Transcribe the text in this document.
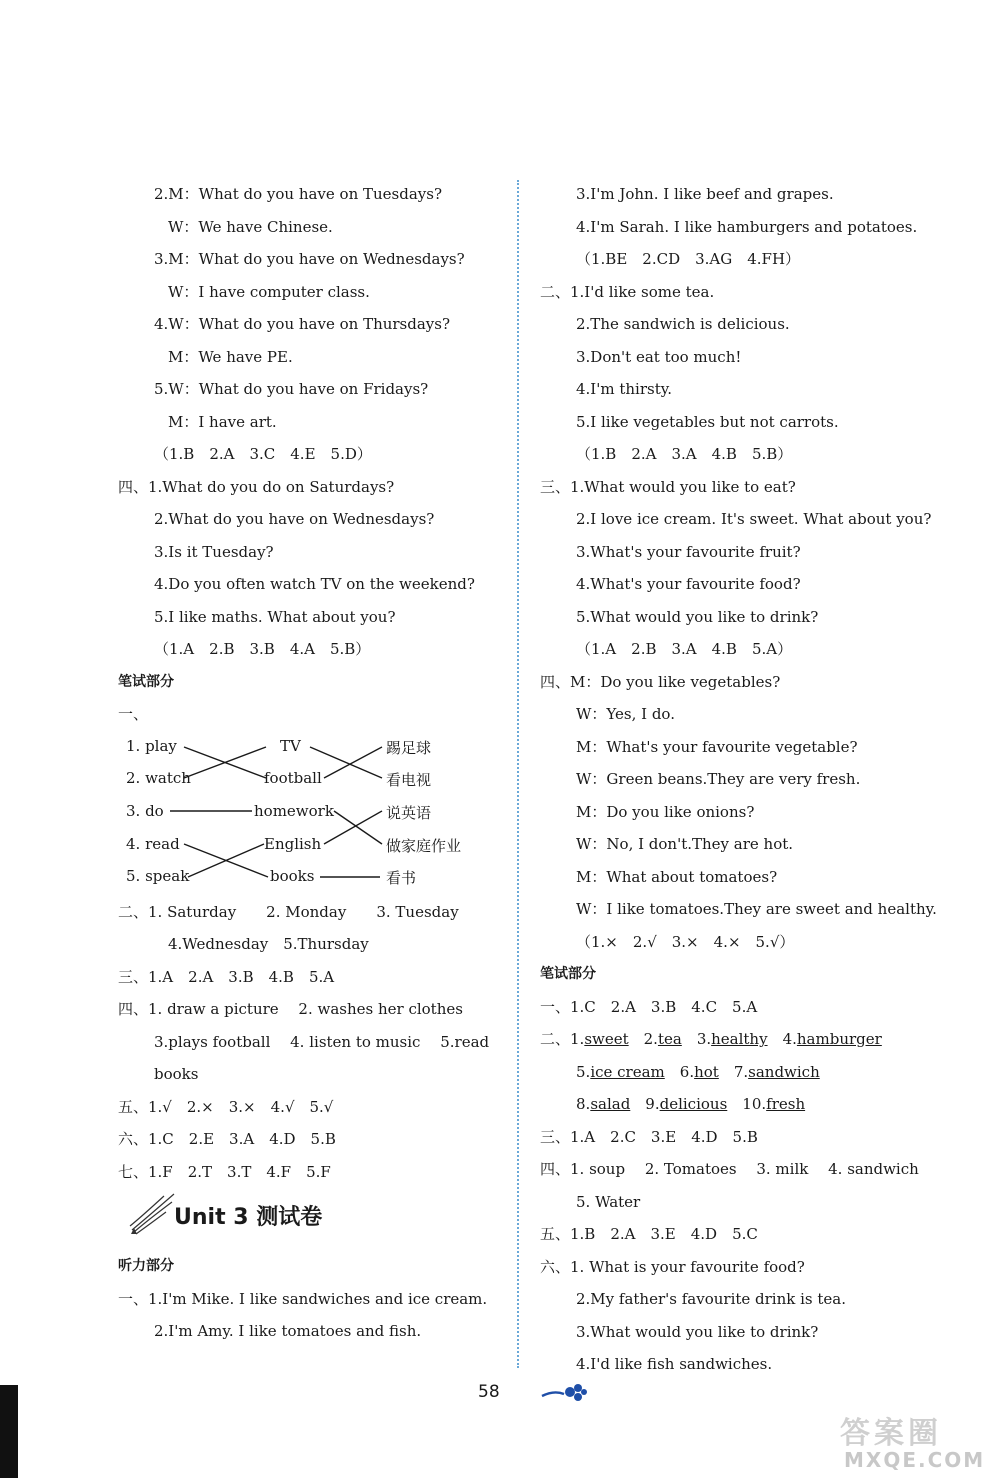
2.M：What do you have on Tuesdays?
W：We have Chinese.
3.M：What do you have on Wednesdays?
W：I have computer class.
4.W：What do you have on Thursdays?
M：We have PE.
5.W：What do you have on Fridays?
M：I have art.
（1.B　2.A　3.C　4.E　5.D）
四、1.What do you do on Saturdays?
2.What do you have on Wednesdays?
3.Is it Tuesday?
4.Do you often watch TV on the weekend?
5.I like maths. What about you?
（1.A　2.B　3.B　4.A　5.B）
笔试部分
一、
1. play
2. watch
3. do
4. read
5. speak
TV
football
homework
English
books
踢足球
看电视
说英语
做家庭作业
看书
二、1. Saturday　　2. Monday　　3. Tuesday
4.Wednesday　5.Thursday
三、1.A　2.A　3.B　4.B　5.A
四、1. draw a picture　 2. washes her clothes
3.plays football　 4. listen to music　 5.read
books
五、1.√　2.×　3.×　4.√　5.√
六、1.C　2.E　3.A　4.D　5.B
七、1.F　2.T　3.T　4.F　5.F
Unit 3 测试卷
听力部分
一、1.I'm Mike. I like sandwiches and ice cream.
2.I'm Amy. I like tomatoes and fish.
3.I'm John. I like beef and grapes.
4.I'm Sarah. I like hamburgers and potatoes.
（1.BE　2.CD　3.AG　4.FH）
二、1.I'd like some tea.
2.The sandwich is delicious.
3.Don't eat too much!
4.I'm thirsty.
5.I like vegetables but not carrots.
（1.B　2.A　3.A　4.B　5.B）
三、1.What would you like to eat?
2.I love ice cream. It's sweet. What about you?
3.What's your favourite fruit?
4.What's your favourite food?
5.What would you like to drink?
（1.A　2.B　3.A　4.B　5.A）
四、M：Do you like vegetables?
W：Yes, I do.
M：What's your favourite vegetable?
W：Green beans.They are very fresh.
M：Do you like onions?
W：No, I don't.They are hot.
M：What about tomatoes?
W：I like tomatoes.They are sweet and healthy.
（1.×　2.√　3.×　4.×　5.√）
笔试部分
一、1.C　2.A　3.B　4.C　5.A
二、1.sweet　2.tea　3.healthy　4.hamburger
5.ice cream　6.hot　7.sandwich
8.salad　9.delicious　10.fresh
三、1.A　2.C　3.E　4.D　5.B
四、1. soup　 2. Tomatoes　 3. milk　 4. sandwich
5. Water
五、1.B　2.A　3.E　4.D　5.C
六、1. What is your favourite food?
2.My father's favourite drink is tea.
3.What would you like to drink?
4.I'd like fish sandwiches.
58
答案圈
MXQE.COM
